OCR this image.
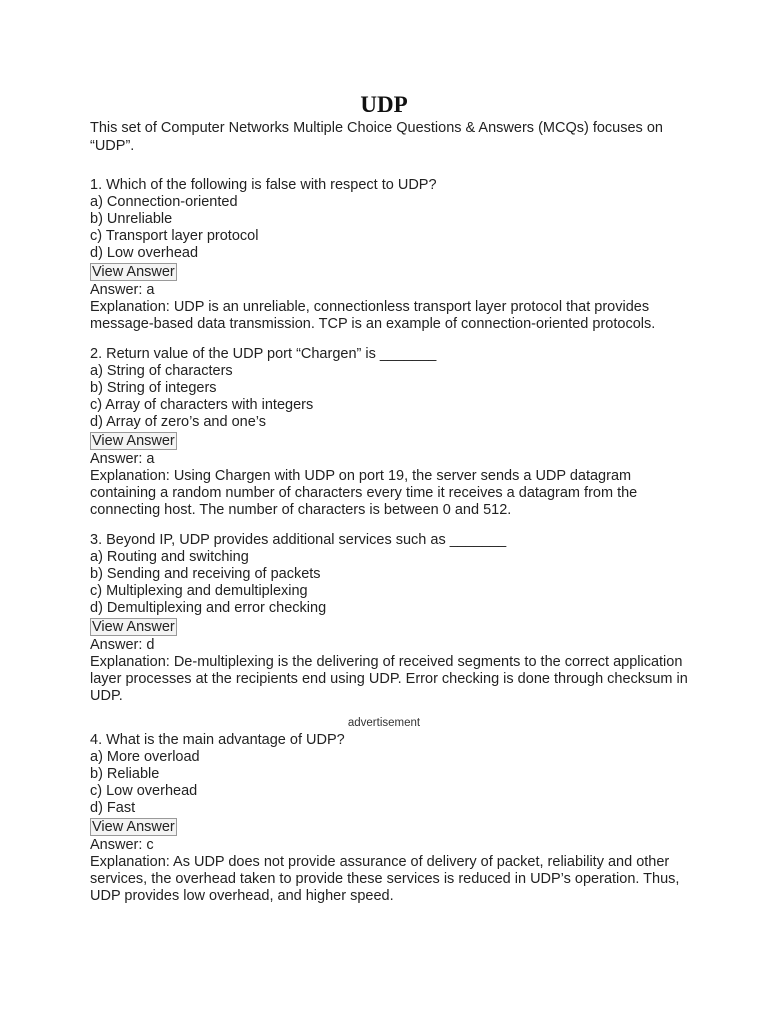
UDP

This set of Computer Networks Multiple Choice Questions & Answers (MCQs) focuses on “UDP”.

1. Which of the following is false with respect to UDP?

a) Connection-oriented

b) Unreliable

c) Transport layer protocol

d) Low overhead

View Answer

Answer: a

Explanation: UDP is an unreliable, connectionless transport layer protocol that provides message-based data transmission. TCP is an example of connection-oriented protocols.

2. Return value of the UDP port “Chargen” is _______

a) String of characters

b) String of integers

c) Array of characters with integers

d) Array of zero’s and one’s

View Answer

Answer: a

Explanation: Using Chargen with UDP on port 19, the server sends a UDP datagram containing a random number of characters every time it receives a datagram from the connecting host. The number of characters is between 0 and 512.

3. Beyond IP, UDP provides additional services such as _______

a) Routing and switching

b) Sending and receiving of packets

c) Multiplexing and demultiplexing

d) Demultiplexing and error checking

View Answer

Answer: d

Explanation: De-multiplexing is the delivering of received segments to the correct application layer processes at the recipients end using UDP. Error checking is done through checksum in UDP.

advertisement

4. What is the main advantage of UDP?

a) More overload

b) Reliable

c) Low overhead

d) Fast

View Answer

Answer: c

Explanation: As UDP does not provide assurance of delivery of packet, reliability and other services, the overhead taken to provide these services is reduced in UDP’s operation. Thus, UDP provides low overhead, and higher speed.
